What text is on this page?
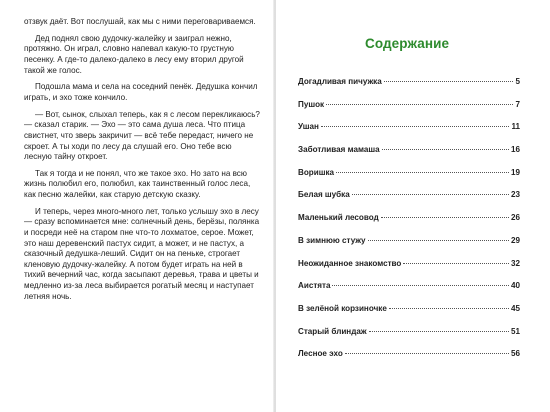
отзвук даёт. Вот послушай, как мы с ними переговариваемся.

Дед поднял свою дудочку-жалейку и заиграл нежно, протяжно. Он играл, словно напевал какую-то грустную песенку. А где-то далеко-далеко в лесу ему вторил другой такой же голос.

Подошла мама и села на соседний пенёк. Дедушка кончил играть, и эхо тоже кончило.

— Вот, сынок, слыхал теперь, как я с лесом перекликаюсь? — сказал старик. — Эхо — это сама душа леса. Что птица свистнет, что зверь закричит — всё тебе передаст, ничего не скроет. А ты ходи по лесу да слушай его. Оно тебе всю лесную тайну откроет.

Так я тогда и не понял, что же такое эхо. Но зато на всю жизнь полюбил его, полюбил, как таинственный голос леса, как песню жалейки, как старую детскую сказку.

И теперь, через много-много лет, только услышу эхо в лесу — сразу вспоминается мне: солнечный день, берёзы, полянка и посреди неё на старом пне что-то лохматое, серое. Может, это наш деревенский пастух сидит, а может, и не пастух, а сказочный дедушка-леший. Сидит он на пеньке, строгает кленовую дудочку-жалейку. А потом будет играть на ней в тихий вечерний час, когда засыпают деревья, трава и цветы и медленно из-за леса выбирается рогатый месяц и наступает летняя ночь.

Содержание
Догадливая пичужка	5
Пушок	7
Ушан	11
Заботливая мамаша	16
Воришка	19
Белая шубка	23
Маленький лесовод	26
В зимнюю стужу	29
Неожиданное знакомство	32
Аистята	40
В зелёной корзиночке	45
Старый блиндаж	51
Лесное эхо	56
